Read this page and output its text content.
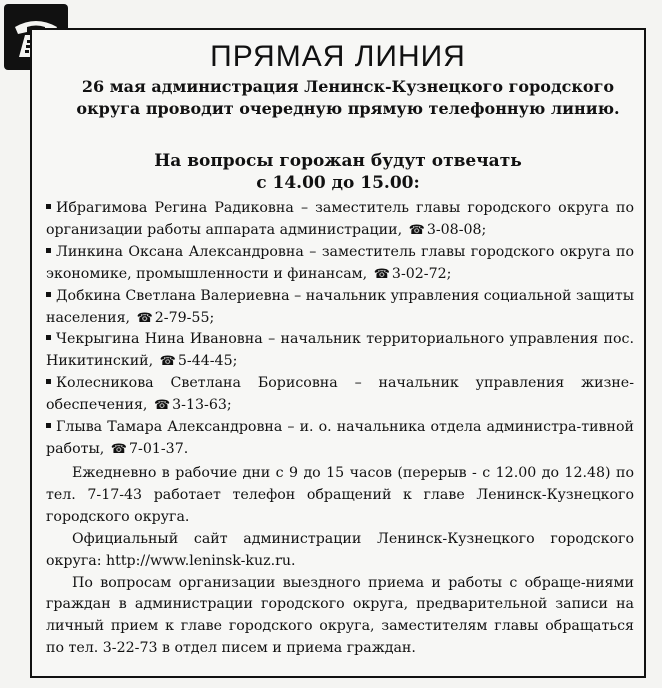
ПРЯМАЯ ЛИНИЯ
26 мая администрация Ленинск-Кузнецкого городского округа проводит очередную прямую телефонную линию.
На вопросы горожан будут отвечать
с 14.00 до 15.00:
Ибрагимова Регина Радиковна – заместитель главы городского округа по организации работы аппарата администрации, ☎ 3-08-08;
Линкина Оксана Александровна – заместитель главы городского округа по экономике, промышленности и финансам, ☎ 3-02-72;
Добкина Светлана Валериевна – начальник управления социальной защиты населения, ☎ 2-79-55;
Чекрыгина Нина Ивановна – начальник территориального управления пос. Никитинский, ☎ 5-44-45;
Колесникова Светлана Борисовна – начальник управления жизне-обеспечения, ☎ 3-13-63;
Глыва Тамара Александровна – и. о. начальника отдела администра-тивной работы, ☎ 7-01-37.

Ежедневно в рабочие дни с 9 до 15 часов (перерыв - с 12.00 до 12.48) по тел. 7-17-43 работает телефон обращений к главе Ленинск-Кузнецкого городского округа.

Официальный сайт администрации Ленинск-Кузнецкого городского округа: http://www.leninsk-kuz.ru.

По вопросам организации выездного приема и работы с обраще-ниями граждан в администрации городского округа, предварительной записи на личный прием к главе городского округа, заместителям главы обращаться по тел. 3-22-73 в отдел писем и приема граждан.
